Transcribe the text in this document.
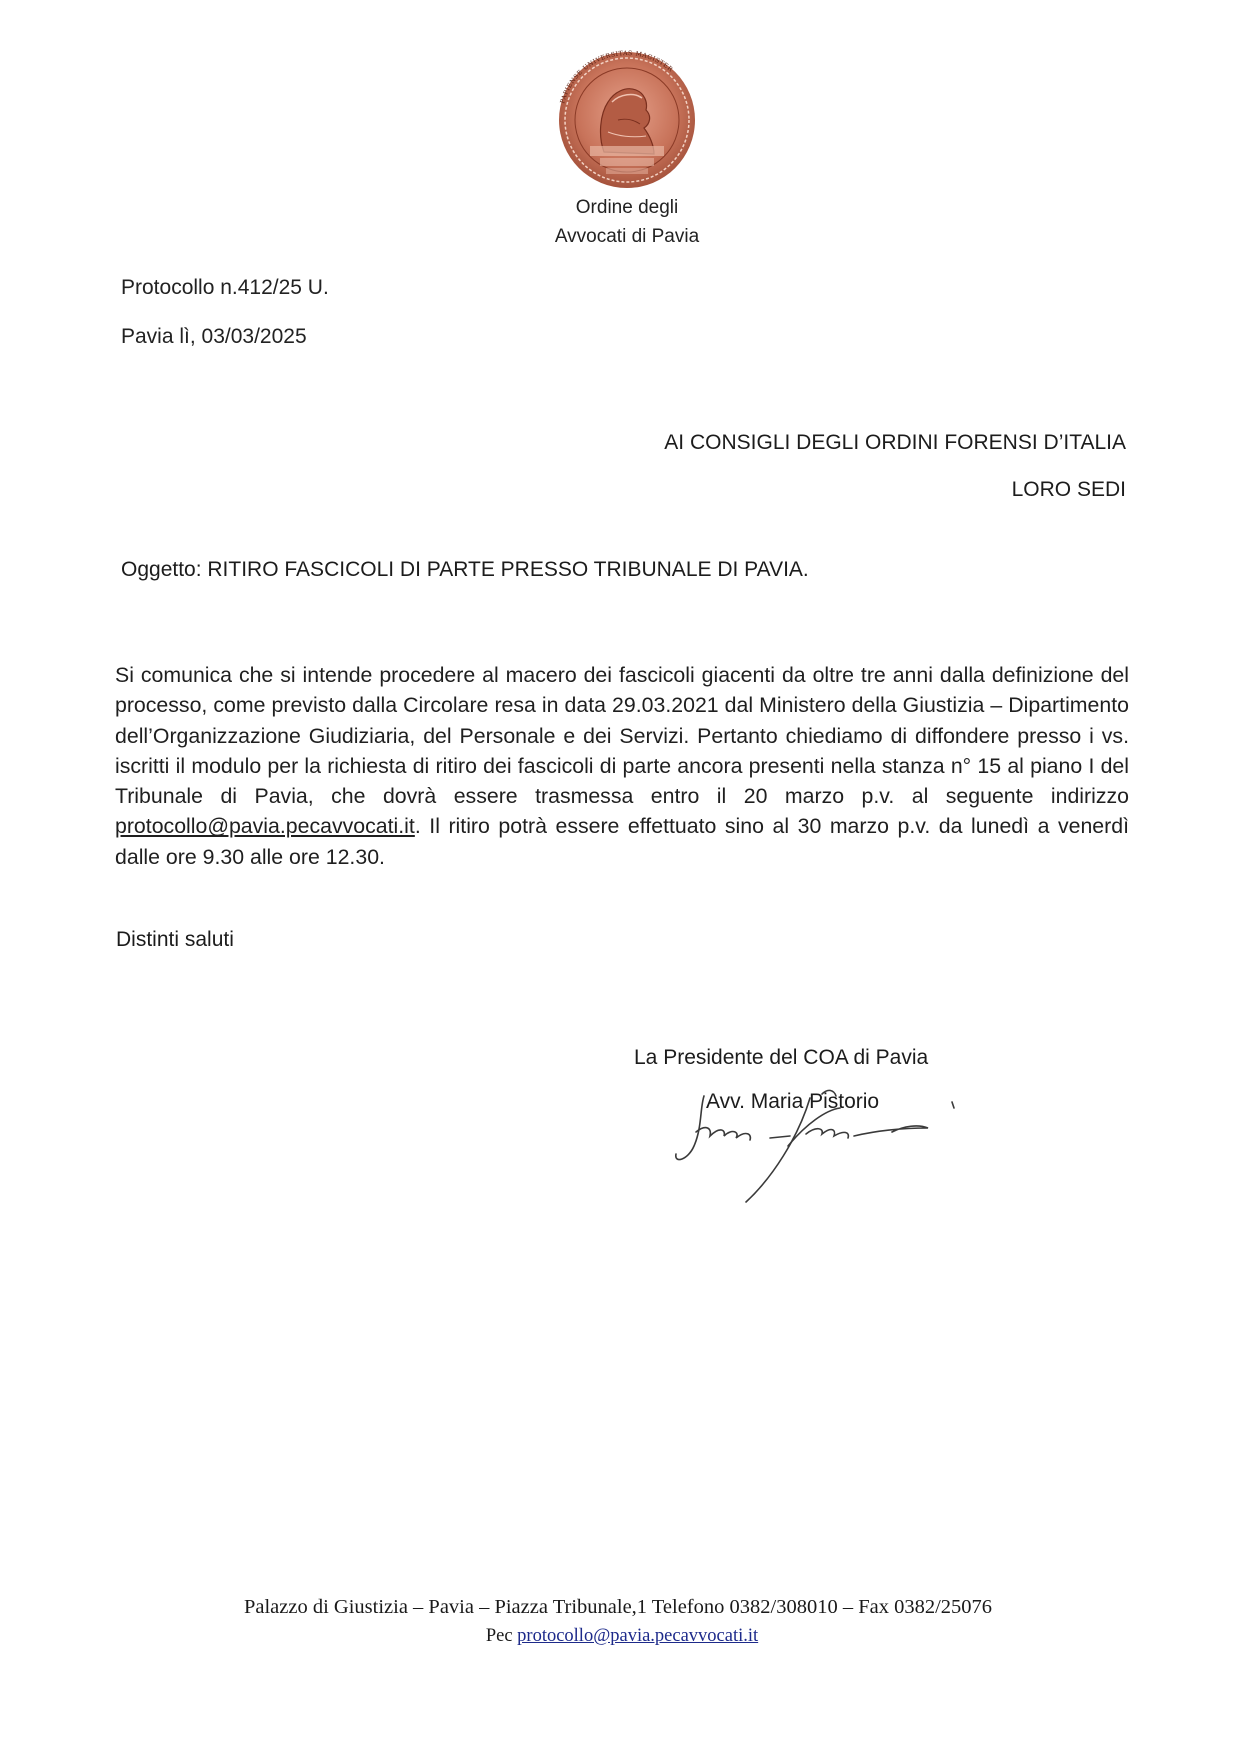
PAPIENSE UNIVERSITAS MAGISTER
Ordine degli
Avvocati di Pavia
Protocollo n.412/25 U.
Pavia lì, 03/03/2025
AI CONSIGLI DEGLI ORDINI FORENSI D’ITALIA
LORO SEDI
Oggetto: RITIRO FASCICOLI DI PARTE PRESSO TRIBUNALE DI PAVIA.
Si comunica che si intende procedere al macero dei fascicoli giacenti da oltre tre anni dalla definizione del processo, come previsto dalla Circolare resa in data 29.03.2021 dal Ministero della Giustizia – Dipartimento dell’Organizzazione Giudiziaria, del Personale e dei Servizi. Pertanto chiediamo di diffondere presso i vs. iscritti il modulo per la richiesta di ritiro dei fascicoli di parte ancora presenti nella stanza n° 15 al piano I del Tribunale di Pavia, che dovrà essere trasmessa entro il 20 marzo p.v. al seguente indirizzo protocollo@pavia.pecavvocati.it. Il ritiro potrà essere effettuato sino al 30 marzo p.v. da lunedì a venerdì dalle ore 9.30 alle ore 12.30.
Distinti saluti
La Presidente del COA di Pavia
Avv. Maria Pistorio
Palazzo di Giustizia – Pavia – Piazza Tribunale,1 Telefono 0382/308010 – Fax 0382/25076
Pec protocollo@pavia.pecavvocati.it
